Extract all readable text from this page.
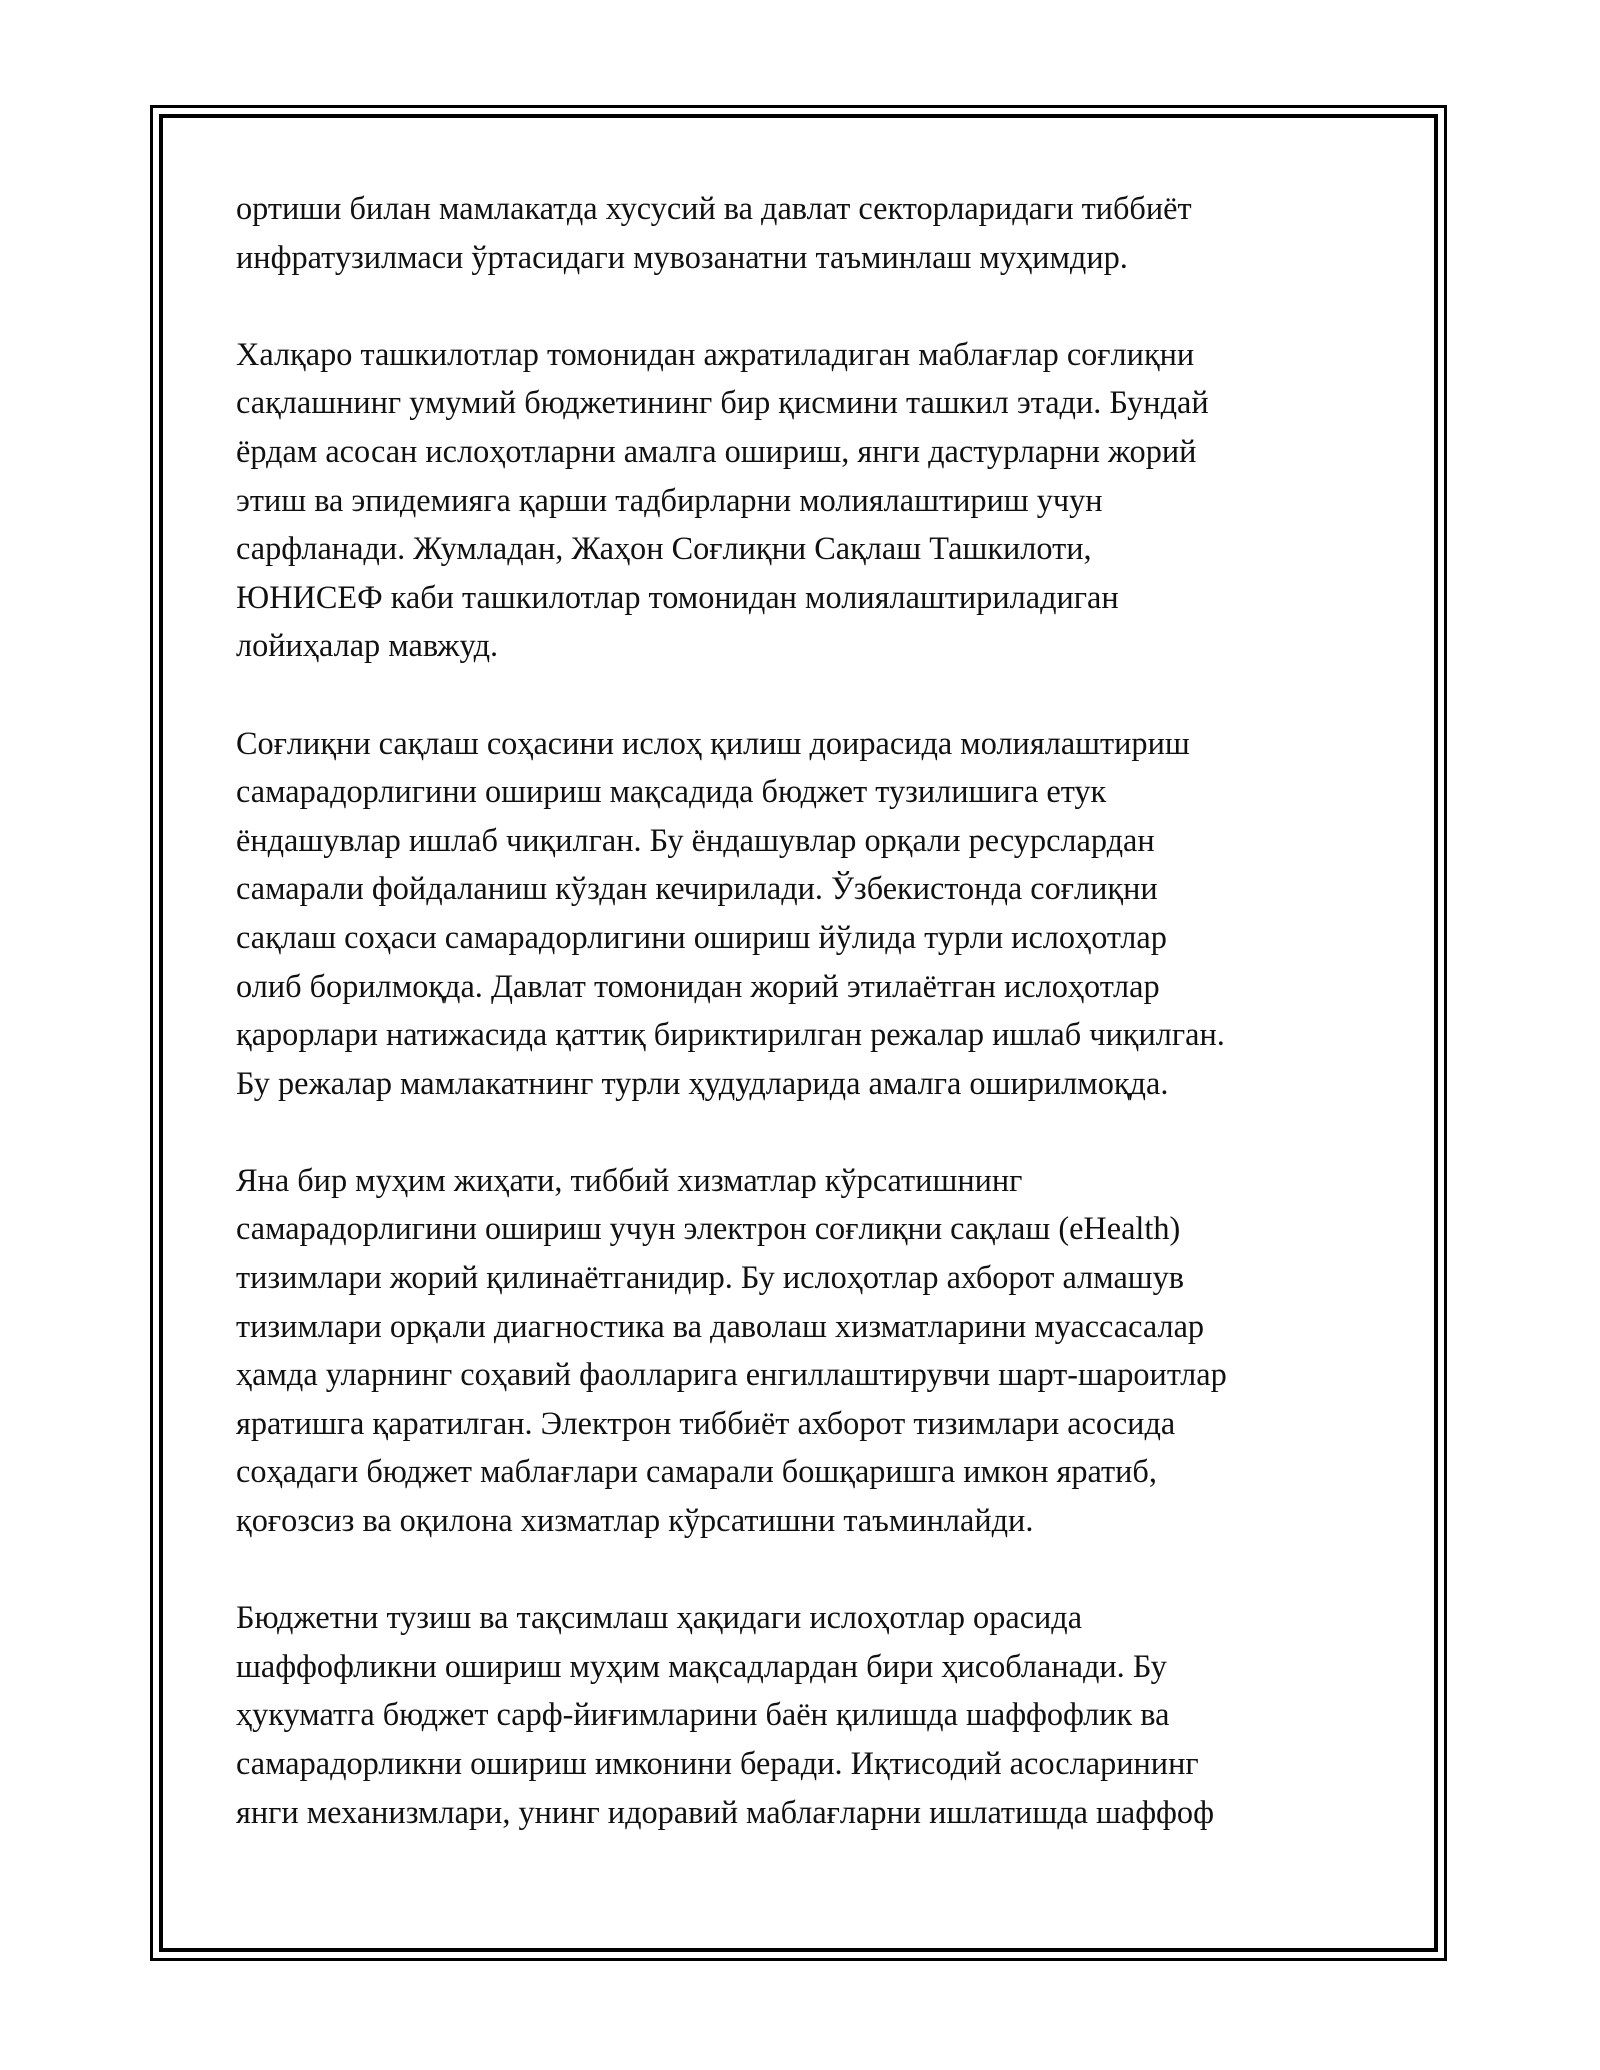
ортиши билан мамлакатда хусусий ва давлат секторларидаги тиббиёт
инфратузилмаси ўртасидаги мувозанатни таъминлаш муҳимдир.

Халқаро ташкилотлар томонидан ажратиладиган маблағлар соғлиқни
сақлашнинг умумий бюджетининг бир қисмини ташкил этади. Бундай
ёрдам асосан ислоҳотларни амалга ошириш, янги дастурларни жорий
этиш ва эпидемияга қарши тадбирларни молиялаштириш учун
сарфланади. Жумладан, Жаҳон Соғлиқни Сақлаш Ташкилоти,
ЮНИСЕФ каби ташкилотлар томонидан молиялаштириладиган
лойиҳалар мавжуд.

Соғлиқни сақлаш соҳасини ислоҳ қилиш доирасида молиялаштириш
самарадорлигини ошириш мақсадида бюджет тузилишига етук
ёндашувлар ишлаб чиқилган. Бу ёндашувлар орқали ресурслардан
самарали фойдаланиш кўздан кечирилади. Ўзбекистонда соғлиқни
сақлаш соҳаси самарадорлигини ошириш йўлида турли ислоҳотлар
олиб борилмоқда. Давлат томонидан жорий этилаётган ислоҳотлар
қарорлари натижасида қаттиқ бириктирилган режалар ишлаб чиқилган.
Бу режалар мамлакатнинг турли ҳудудларида амалга оширилмоқда.

Яна бир муҳим жиҳати, тиббий хизматлар кўрсатишнинг
самарадорлигини ошириш учун электрон соғлиқни сақлаш (eHealth)
тизимлари жорий қилинаётганидир. Бу ислоҳотлар ахборот алмашув
тизимлари орқали диагностика ва даволаш хизматларини муассасалар
ҳамда уларнинг соҳавий фаолларига енгиллаштирувчи шарт-шароитлар
яратишга қаратилган. Электрон тиббиёт ахборот тизимлари асосида
соҳадаги бюджет маблағлари самарали бошқаришга имкон яратиб,
қоғозсиз ва оқилона хизматлар кўрсатишни таъминлайди.

Бюджетни тузиш ва тақсимлаш ҳақидаги ислоҳотлар орасида
шаффофликни ошириш муҳим мақсадлардан бири ҳисобланади. Бу
ҳукуматга бюджет сарф-йиғимларини баён қилишда шаффофлик ва
самарадорликни ошириш имконини беради. Иқтисодий асосларининг
янги механизмлари, унинг идоравий маблағларни ишлатишда шаффоф
